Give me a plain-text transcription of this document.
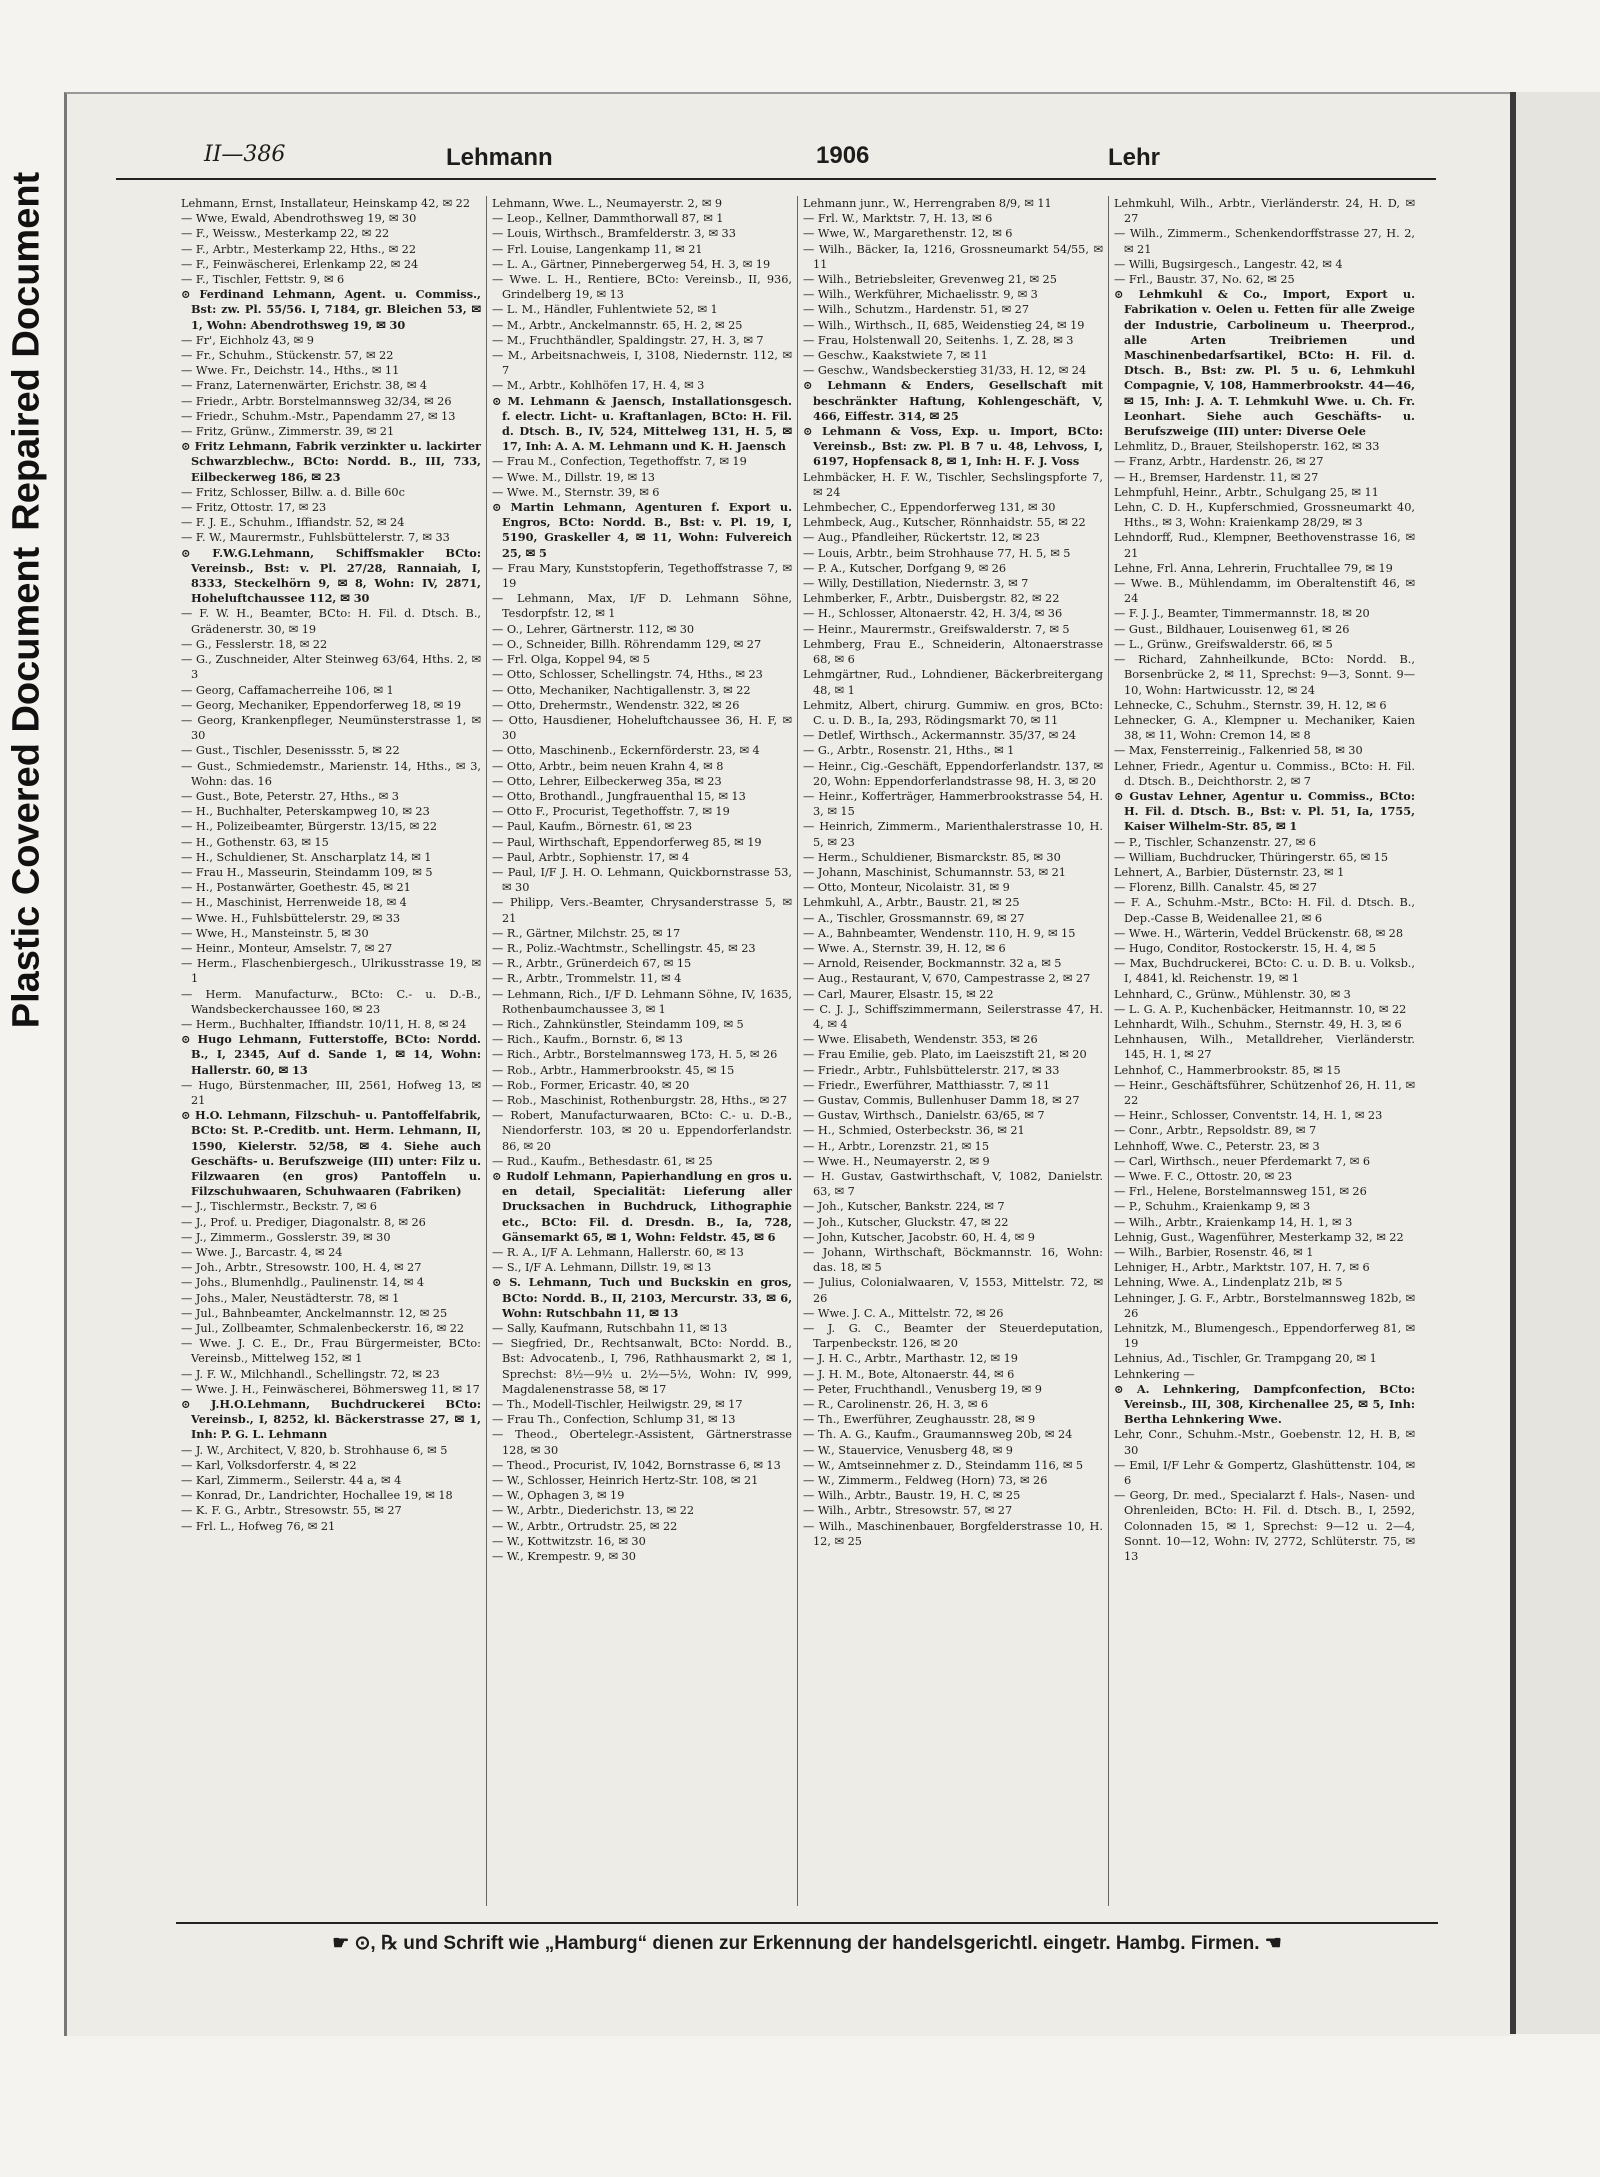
Plastic Covered DocumentRepaired Document
II—386	Lehmann	1906	Lehr

Lehmann, Ernst, Installateur, Heinskamp 42, ✉ 22

— Wwe, Ewald, Abendrothsweg 19, ✉ 30

— F., Weissw., Mesterkamp 22, ✉ 22

— F., Arbtr., Mesterkamp 22, Hths., ✉ 22

— F., Feinwäscherei, Erlenkamp 22, ✉ 24

— F., Tischler, Fettstr. 9, ✉ 6

⊙ Ferdinand Lehmann, Agent. u. Commiss., Bst: zw. Pl. 55/56. I, 7184, gr. Bleichen 53, ✉ 1, Wohn: Abendrothsweg 19, ✉ 30

— Fr', Eichholz 43, ✉ 9

— Fr., Schuhm., Stückenstr. 57, ✉ 22

— Wwe. Fr., Deichstr. 14., Hths., ✉ 11

— Franz, Laternenwärter, Erichstr. 38, ✉ 4

— Friedr., Arbtr. Borstelmannsweg 32/34, ✉ 26

— Friedr., Schuhm.-Mstr., Papendamm 27, ✉ 13

— Fritz, Grünw., Zimmerstr. 39, ✉ 21

⊙ Fritz Lehmann, Fabrik verzinkter u. lackirter Schwarzblechw., BCto: Nordd. B., III, 733, Eilbeckerweg 186, ✉ 23

— Fritz, Schlosser, Billw. a. d. Bille 60c

— Fritz, Ottostr. 17, ✉ 23

— F. J. E., Schuhm., Iffiandstr. 52, ✉ 24

— F. W., Maurermstr., Fuhlsbüttelerstr. 7, ✉ 33

⊙ F.W.G.Lehmann, Schiffsmakler BCto: Vereinsb., Bst: v. Pl. 27/28, Rannaiah, I, 8333, Steckelhörn 9, ✉ 8, Wohn: IV, 2871, Hoheluftchaussee 112, ✉ 30

— F. W. H., Beamter, BCto: H. Fil. d. Dtsch. B., Grädenerstr. 30, ✉ 19

— G., Fesslerstr. 18, ✉ 22

— G., Zuschneider, Alter Steinweg 63/64, Hths. 2, ✉ 3

— Georg, Caffamacherreihe 106, ✉ 1

— Georg, Mechaniker, Eppendorferweg 18, ✉ 19

— Georg, Krankenpfleger, Neumünsterstrasse 1, ✉ 30

— Gust., Tischler, Desenissstr. 5, ✉ 22

— Gust., Schmiedemstr., Marienstr. 14, Hths., ✉ 3, Wohn: das. 16

— Gust., Bote, Peterstr. 27, Hths., ✉ 3

— H., Buchhalter, Peterskampweg 10, ✉ 23

— H., Polizeibeamter, Bürgerstr. 13/15, ✉ 22

— H., Gothenstr. 63, ✉ 15

— H., Schuldiener, St. Anscharplatz 14, ✉ 1

— Frau H., Masseurin, Steindamm 109, ✉ 5

— H., Postanwärter, Goethestr. 45, ✉ 21

— H., Maschinist, Herrenweide 18, ✉ 4

— Wwe. H., Fuhlsbüttelerstr. 29, ✉ 33

— Wwe, H., Mansteinstr. 5, ✉ 30

— Heinr., Monteur, Amselstr. 7, ✉ 27

— Herm., Flaschenbiergesch., Ulrikusstrasse 19, ✉ 1

— Herm. Manufacturw., BCto: C.- u. D.-B., Wandsbeckerchaussee 160, ✉ 23

— Herm., Buchhalter, Iffiandstr. 10/11, H. 8, ✉ 24

⊙ Hugo Lehmann, Futterstoffe, BCto: Nordd. B., I, 2345, Auf d. Sande 1, ✉ 14, Wohn: Hallerstr. 60, ✉ 13

— Hugo, Bürstenmacher, III, 2561, Hofweg 13, ✉ 21

⊙ H.O. Lehmann, Filzschuh- u. Pantoffelfabrik, BCto: St. P.-Creditb. unt. Herm. Lehmann, II, 1590, Kielerstr. 52/58, ✉ 4. Siehe auch Geschäfts- u. Berufszweige (III) unter: Filz u. Filzwaaren (en gros) Pantoffeln u. Filzschuhwaaren, Schuhwaaren (Fabriken)

— J., Tischlermstr., Beckstr. 7, ✉ 6

— J., Prof. u. Prediger, Diagonalstr. 8, ✉ 26

— J., Zimmerm., Gosslerstr. 39, ✉ 30

— Wwe. J., Barcastr. 4, ✉ 24

— Joh., Arbtr., Stresowstr. 100, H. 4, ✉ 27

— Johs., Blumenhdlg., Paulinenstr. 14, ✉ 4

— Johs., Maler, Neustädterstr. 78, ✉ 1

— Jul., Bahnbeamter, Anckelmannstr. 12, ✉ 25

— Jul., Zollbeamter, Schmalenbeckerstr. 16, ✉ 22

— Wwe. J. C. E., Dr., Frau Bürgermeister, BCto: Vereinsb., Mittelweg 152, ✉ 1

— J. F. W., Milchhandl., Schellingstr. 72, ✉ 23

— Wwe. J. H., Feinwäscherei, Böhmersweg 11, ✉ 17

⊙ J.H.O.Lehmann, Buchdruckerei BCto: Vereinsb., I, 8252, kl. Bäckerstrasse 27, ✉ 1, Inh: P. G. L. Lehmann

— J. W., Architect, V, 820, b. Strohhause 6, ✉ 5

— Karl, Volksdorferstr. 4, ✉ 22

— Karl, Zimmerm., Seilerstr. 44 a, ✉ 4

— Konrad, Dr., Landrichter, Hochallee 19, ✉ 18

— K. F. G., Arbtr., Stresowstr. 55, ✉ 27

— Frl. L., Hofweg 76, ✉ 21

Lehmann, Wwe. L., Neumayerstr. 2, ✉ 9

— Leop., Kellner, Dammthorwall 87, ✉ 1

— Louis, Wirthsch., Bramfelderstr. 3, ✉ 33

— Frl. Louise, Langenkamp 11, ✉ 21

— L. A., Gärtner, Pinnebergerweg 54, H. 3, ✉ 19

— Wwe. L. H., Rentiere, BCto: Vereinsb., II, 936, Grindelberg 19, ✉ 13

— L. M., Händler, Fuhlentwiete 52, ✉ 1

— M., Arbtr., Anckelmannstr. 65, H. 2, ✉ 25

— M., Fruchthändler, Spaldingstr. 27, H. 3, ✉ 7

— M., Arbeitsnachweis, I, 3108, Niedernstr. 112, ✉ 7

— M., Arbtr., Kohlhöfen 17, H. 4, ✉ 3

⊙ M. Lehmann & Jaensch, Installationsgesch. f. electr. Licht- u. Kraftanlagen, BCto: H. Fil. d. Dtsch. B., IV, 524, Mittelweg 131, H. 5, ✉ 17, Inh: A. A. M. Lehmann und K. H. Jaensch

— Frau M., Confection, Tegethoffstr. 7, ✉ 19

— Wwe. M., Dillstr. 19, ✉ 13

— Wwe. M., Sternstr. 39, ✉ 6

⊙ Martin Lehmann, Agenturen f. Export u. Engros, BCto: Nordd. B., Bst: v. Pl. 19, I, 5190, Graskeller 4, ✉ 11, Wohn: Fulvereich 25, ✉ 5

— Frau Mary, Kunststopferin, Tegethoffstrasse 7, ✉ 19

— Lehmann, Max, I/F D. Lehmann Söhne, Tesdorpfstr. 12, ✉ 1

— O., Lehrer, Gärtnerstr. 112, ✉ 30

— O., Schneider, Billh. Röhrendamm 129, ✉ 27

— Frl. Olga, Koppel 94, ✉ 5

— Otto, Schlosser, Schellingstr. 74, Hths., ✉ 23

— Otto, Mechaniker, Nachtigallenstr. 3, ✉ 22

— Otto, Drehermstr., Wendenstr. 322, ✉ 26

— Otto, Hausdiener, Hoheluftchaussee 36, H. F, ✉ 30

— Otto, Maschinenb., Eckernförderstr. 23, ✉ 4

— Otto, Arbtr., beim neuen Krahn 4, ✉ 8

— Otto, Lehrer, Eilbeckerweg 35a, ✉ 23

— Otto, Brothandl., Jungfrauenthal 15, ✉ 13

— Otto F., Procurist, Tegethoffstr. 7, ✉ 19

— Paul, Kaufm., Börnestr. 61, ✉ 23

— Paul, Wirthschaft, Eppendorferweg 85, ✉ 19

— Paul, Arbtr., Sophienstr. 17, ✉ 4

— Paul, I/F J. H. O. Lehmann, Quickbornstrasse 53, ✉ 30

— Philipp, Vers.-Beamter, Chrysanderstrasse 5, ✉ 21

— R., Gärtner, Milchstr. 25, ✉ 17

— R., Poliz.-Wachtmstr., Schellingstr. 45, ✉ 23

— R., Arbtr., Grünerdeich 67, ✉ 15

— R., Arbtr., Trommelstr. 11, ✉ 4

— Lehmann, Rich., I/F D. Lehmann Söhne, IV, 1635, Rothenbaumchaussee 3, ✉ 1

— Rich., Zahnkünstler, Steindamm 109, ✉ 5

— Rich., Kaufm., Bornstr. 6, ✉ 13

— Rich., Arbtr., Borstelmannsweg 173, H. 5, ✉ 26

— Rob., Arbtr., Hammerbrookstr. 45, ✉ 15

— Rob., Former, Ericastr. 40, ✉ 20

— Rob., Maschinist, Rothenburgstr. 28, Hths., ✉ 27

— Robert, Manufacturwaaren, BCto: C.- u. D.-B., Niendorferstr. 103, ✉ 20 u. Eppendorferlandstr. 86, ✉ 20

— Rud., Kaufm., Bethesdastr. 61, ✉ 25

⊙ Rudolf Lehmann, Papierhandlung en gros u. en detail, Specialität: Lieferung aller Drucksachen in Buchdruck, Lithographie etc., BCto: Fil. d. Dresdn. B., Ia, 728, Gänsemarkt 65, ✉ 1, Wohn: Feldstr. 45, ✉ 6

— R. A., I/F A. Lehmann, Hallerstr. 60, ✉ 13

— S., I/F A. Lehmann, Dillstr. 19, ✉ 13

⊙ S. Lehmann, Tuch und Buckskin en gros, BCto: Nordd. B., II, 2103, Mercurstr. 33, ✉ 6, Wohn: Rutschbahn 11, ✉ 13

— Sally, Kaufmann, Rutschbahn 11, ✉ 13

— Siegfried, Dr., Rechtsanwalt, BCto: Nordd. B., Bst: Advocatenb., I, 796, Rathhausmarkt 2, ✉ 1, Sprechst: 8½—9½ u. 2½—5½, Wohn: IV, 999, Magdalenenstrasse 58, ✉ 17

— Th., Modell-Tischler, Heilwigstr. 29, ✉ 17

— Frau Th., Confection, Schlump 31, ✉ 13

— Theod., Obertelegr.-Assistent, Gärtnerstrasse 128, ✉ 30

— Theod., Procurist, IV, 1042, Bornstrasse 6, ✉ 13

— W., Schlosser, Heinrich Hertz-Str. 108, ✉ 21

— W., Ophagen 3, ✉ 19

— W., Arbtr., Diederichstr. 13, ✉ 22

— W., Arbtr., Ortrudstr. 25, ✉ 22

— W., Kottwitzstr. 16, ✉ 30

— W., Krempestr. 9, ✉ 30

Lehmann junr., W., Herrengraben 8/9, ✉ 11

— Frl. W., Marktstr. 7, H. 13, ✉ 6

— Wwe, W., Margarethenstr. 12, ✉ 6

— Wilh., Bäcker, Ia, 1216, Grossneumarkt 54/55, ✉ 11

— Wilh., Betriebsleiter, Grevenweg 21, ✉ 25

— Wilh., Werkführer, Michaelisstr. 9, ✉ 3

— Wilh., Schutzm., Hardenstr. 51, ✉ 27

— Wilh., Wirthsch., II, 685, Weidenstieg 24, ✉ 19

— Frau, Holstenwall 20, Seitenhs. 1, Z. 28, ✉ 3

— Geschw., Kaakstwiete 7, ✉ 11

— Geschw., Wandsbeckerstieg 31/33, H. 12, ✉ 24

⊙ Lehmann & Enders, Gesellschaft mit beschränkter Haftung, Kohlengeschäft, V, 466, Eiffestr. 314, ✉ 25

⊙ Lehmann & Voss, Exp. u. Import, BCto: Vereinsb., Bst: zw. Pl. B 7 u. 48, Lehvoss, I, 6197, Hopfensack 8, ✉ 1, Inh: H. F. J. Voss

Lehmbäcker, H. F. W., Tischler, Sechslingspforte 7, ✉ 24

Lehmbecher, C., Eppendorferweg 131, ✉ 30

Lehmbeck, Aug., Kutscher, Rönnhaidstr. 55, ✉ 22

— Aug., Pfandleiher, Rückertstr. 12, ✉ 23

— Louis, Arbtr., beim Strohhause 77, H. 5, ✉ 5

— P. A., Kutscher, Dorfgang 9, ✉ 26

— Willy, Destillation, Niedernstr. 3, ✉ 7

Lehmberker, F., Arbtr., Duisbergstr. 82, ✉ 22

— H., Schlosser, Altonaerstr. 42, H. 3/4, ✉ 36

— Heinr., Maurermstr., Greifswalderstr. 7, ✉ 5

Lehmberg, Frau E., Schneiderin, Altonaerstrasse 68, ✉ 6

Lehmgärtner, Rud., Lohndiener, Bäckerbreitergang 48, ✉ 1

Lehmitz, Albert, chirurg. Gummiw. en gros, BCto: C. u. D. B., Ia, 293, Rödingsmarkt 70, ✉ 11

— Detlef, Wirthsch., Ackermannstr. 35/37, ✉ 24

— G., Arbtr., Rosenstr. 21, Hths., ✉ 1

— Heinr., Cig.-Geschäft, Eppendorferlandstr. 137, ✉ 20, Wohn: Eppendorferlandstrasse 98, H. 3, ✉ 20

— Heinr., Kofferträger, Hammerbrookstrasse 54, H. 3, ✉ 15

— Heinrich, Zimmerm., Marienthalerstrasse 10, H. 5, ✉ 23

— Herm., Schuldiener, Bismarckstr. 85, ✉ 30

— Johann, Maschinist, Schumannstr. 53, ✉ 21

— Otto, Monteur, Nicolaistr. 31, ✉ 9

Lehmkuhl, A., Arbtr., Baustr. 21, ✉ 25

— A., Tischler, Grossmannstr. 69, ✉ 27

— A., Bahnbeamter, Wendenstr. 110, H. 9, ✉ 15

— Wwe. A., Sternstr. 39, H. 12, ✉ 6

— Arnold, Reisender, Bockmannstr. 32 a, ✉ 5

— Aug., Restaurant, V, 670, Campestrasse 2, ✉ 27

— Carl, Maurer, Elsastr. 15, ✉ 22

— C. J. J., Schiffszimmermann, Seilerstrasse 47, H. 4, ✉ 4

— Wwe. Elisabeth, Wendenstr. 353, ✉ 26

— Frau Emilie, geb. Plato, im Laeiszstift 21, ✉ 20

— Friedr., Arbtr., Fuhlsbüttelerstr. 217, ✉ 33

— Friedr., Ewerführer, Matthiasstr. 7, ✉ 11

— Gustav, Commis, Bullenhuser Damm 18, ✉ 27

— Gustav, Wirthsch., Danielstr. 63/65, ✉ 7

— H., Schmied, Osterbeckstr. 36, ✉ 21

— H., Arbtr., Lorenzstr. 21, ✉ 15

— Wwe. H., Neumayerstr. 2, ✉ 9

— H. Gustav, Gastwirthschaft, V, 1082, Danielstr. 63, ✉ 7

— Joh., Kutscher, Bankstr. 224, ✉ 7

— Joh., Kutscher, Gluckstr. 47, ✉ 22

— John, Kutscher, Jacobstr. 60, H. 4, ✉ 9

— Johann, Wirthschaft, Böckmannstr. 16, Wohn: das. 18, ✉ 5

— Julius, Colonialwaaren, V, 1553, Mittelstr. 72, ✉ 26

— Wwe. J. C. A., Mittelstr. 72, ✉ 26

— J. G. C., Beamter der Steuerdeputation, Tarpenbeckstr. 126, ✉ 20

— J. H. C., Arbtr., Marthastr. 12, ✉ 19

— J. H. M., Bote, Altonaerstr. 44, ✉ 6

— Peter, Fruchthandl., Venusberg 19, ✉ 9

— R., Carolinenstr. 26, H. 3, ✉ 6

— Th., Ewerführer, Zeughausstr. 28, ✉ 9

— Th. A. G., Kaufm., Graumannsweg 20b, ✉ 24

— W., Stauervice, Venusberg 48, ✉ 9

— W., Amtseinnehmer z. D., Steindamm 116, ✉ 5

— W., Zimmerm., Feldweg (Horn) 73, ✉ 26

— Wilh., Arbtr., Baustr. 19, H. C, ✉ 25

— Wilh., Arbtr., Stresowstr. 57, ✉ 27

— Wilh., Maschinenbauer, Borgfelderstrasse 10, H. 12, ✉ 25

Lehmkuhl, Wilh., Arbtr., Vierländerstr. 24, H. D, ✉ 27

— Wilh., Zimmerm., Schenkendorffstrasse 27, H. 2, ✉ 21

— Willi, Bugsirgesch., Langestr. 42, ✉ 4

— Frl., Baustr. 37, No. 62, ✉ 25

⊙ Lehmkuhl & Co., Import, Export u. Fabrikation v. Oelen u. Fetten für alle Zweige der Industrie, Carbolineum u. Theerprod., alle Arten Treibriemen und Maschinenbedarfsartikel, BCto: H. Fil. d. Dtsch. B., Bst: zw. Pl. 5 u. 6, Lehmkuhl Compagnie, V, 108, Hammerbrookstr. 44—46, ✉ 15, Inh: J. A. T. Lehmkuhl Wwe. u. Ch. Fr. Leonhart. Siehe auch Geschäfts- u. Berufszweige (III) unter: Diverse Oele

Lehmlitz, D., Brauer, Steilshoperstr. 162, ✉ 33

— Franz, Arbtr., Hardenstr. 26, ✉ 27

— H., Bremser, Hardenstr. 11, ✉ 27

Lehmpfuhl, Heinr., Arbtr., Schulgang 25, ✉ 11

Lehn, C. D. H., Kupferschmied, Grossneumarkt 40, Hths., ✉ 3, Wohn: Kraienkamp 28/29, ✉ 3

Lehndorff, Rud., Klempner, Beethovenstrasse 16, ✉ 21

Lehne, Frl. Anna, Lehrerin, Fruchtallee 79, ✉ 19

— Wwe. B., Mühlendamm, im Oberaltenstift 46, ✉ 24

— F. J. J., Beamter, Timmermannstr. 18, ✉ 20

— Gust., Bildhauer, Louisenweg 61, ✉ 26

— L., Grünw., Greifswalderstr. 66, ✉ 5

— Richard, Zahnheilkunde, BCto: Nordd. B., Borsenbrücke 2, ✉ 11, Sprechst: 9—3, Sonnt. 9—10, Wohn: Hartwicusstr. 12, ✉ 24

Lehnecke, C., Schuhm., Sternstr. 39, H. 12, ✉ 6

Lehnecker, G. A., Klempner u. Mechaniker, Kaien 38, ✉ 11, Wohn: Cremon 14, ✉ 8

— Max, Fensterreinig., Falkenried 58, ✉ 30

Lehner, Friedr., Agentur u. Commiss., BCto: H. Fil. d. Dtsch. B., Deichthorstr. 2, ✉ 7

⊙ Gustav Lehner, Agentur u. Commiss., BCto: H. Fil. d. Dtsch. B., Bst: v. Pl. 51, Ia, 1755, Kaiser Wilhelm-Str. 85, ✉ 1

— P., Tischler, Schanzenstr. 27, ✉ 6

— William, Buchdrucker, Thüringerstr. 65, ✉ 15

Lehnert, A., Barbier, Düsternstr. 23, ✉ 1

— Florenz, Billh. Canalstr. 45, ✉ 27

— F. A., Schuhm.-Mstr., BCto: H. Fil. d. Dtsch. B., Dep.-Casse B, Weidenallee 21, ✉ 6

— Wwe. H., Wärterin, Veddel Brückenstr. 68, ✉ 28

— Hugo, Conditor, Rostockerstr. 15, H. 4, ✉ 5

— Max, Buchdruckerei, BCto: C. u. D. B. u. Volksb., I, 4841, kl. Reichenstr. 19, ✉ 1

Lehnhard, C., Grünw., Mühlenstr. 30, ✉ 3

— L. G. A. P., Kuchenbäcker, Heitmannstr. 10, ✉ 22

Lehnhardt, Wilh., Schuhm., Sternstr. 49, H. 3, ✉ 6

Lehnhausen, Wilh., Metalldreher, Vierländerstr. 145, H. 1, ✉ 27

Lehnhof, C., Hammerbrookstr. 85, ✉ 15

— Heinr., Geschäftsführer, Schützenhof 26, H. 11, ✉ 22

— Heinr., Schlosser, Conventstr. 14, H. 1, ✉ 23

— Conr., Arbtr., Repsoldstr. 89, ✉ 7

Lehnhoff, Wwe. C., Peterstr. 23, ✉ 3

— Carl, Wirthsch., neuer Pferdemarkt 7, ✉ 6

— Wwe. F. C., Ottostr. 20, ✉ 23

— Frl., Helene, Borstelmannsweg 151, ✉ 26

— P., Schuhm., Kraienkamp 9, ✉ 3

— Wilh., Arbtr., Kraienkamp 14, H. 1, ✉ 3

Lehnig, Gust., Wagenführer, Mesterkamp 32, ✉ 22

— Wilh., Barbier, Rosenstr. 46, ✉ 1

Lehniger, H., Arbtr., Marktstr. 107, H. 7, ✉ 6

Lehning, Wwe. A., Lindenplatz 21b, ✉ 5

Lehninger, J. G. F., Arbtr., Borstelmannsweg 182b, ✉ 26

Lehnitzk, M., Blumengesch., Eppendorferweg 81, ✉ 19

Lehnius, Ad., Tischler, Gr. Trampgang 20, ✉ 1

Lehnkering —

⊙ A. Lehnkering, Dampfconfection, BCto: Vereinsb., III, 308, Kirchenallee 25, ✉ 5, Inh: Bertha Lehnkering Wwe.

Lehr, Conr., Schuhm.-Mstr., Goebenstr. 12, H. B, ✉ 30

— Emil, I/F Lehr & Gompertz, Glashüttenstr. 104, ✉ 6

— Georg, Dr. med., Specialarzt f. Hals-, Nasen- und Ohrenleiden, BCto: H. Fil. d. Dtsch. B., I, 2592, Colonnaden 15, ✉ 1, Sprechst: 9—12 u. 2—4, Sonnt. 10—12, Wohn: IV, 2772, Schlüterstr. 75, ✉ 13

☛ ⊙, ℞ und Schrift wie „Hamburg“ dienen zur Erkennung der handelsgerichtl. eingetr. Hambg. Firmen. ☚
